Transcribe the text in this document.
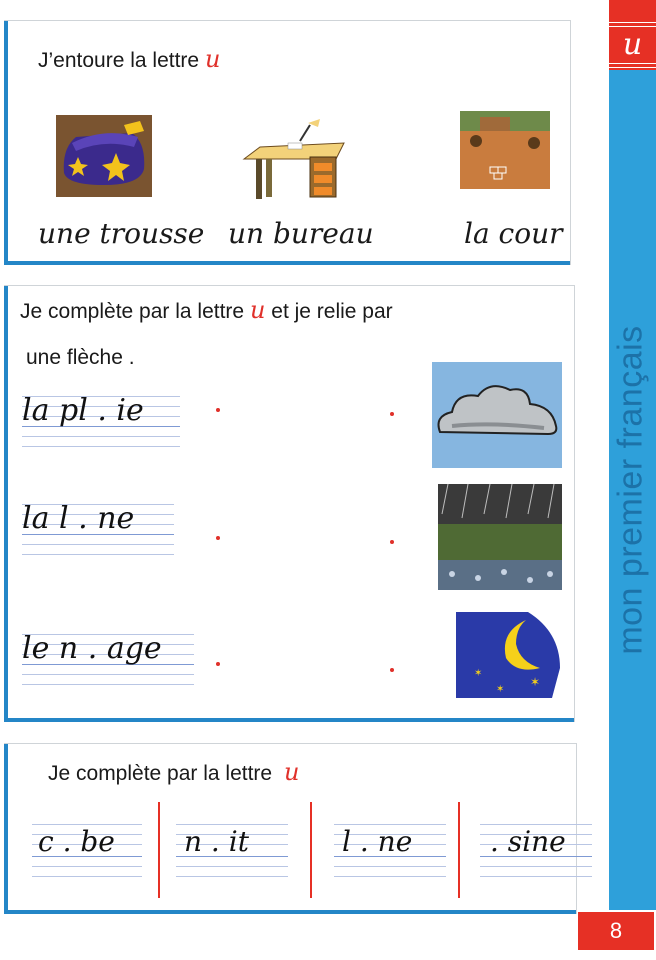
u
mon premier français
8
J’entoure la lettre u
une trousse un bureau	la cour
Je complète par la lettre u et je relie par
une flèche .
la pl . ie
la l . ne
le n . age
✶
✶
✶
Je complète par la lettre u
c . be n . it	l . ne	. sine
